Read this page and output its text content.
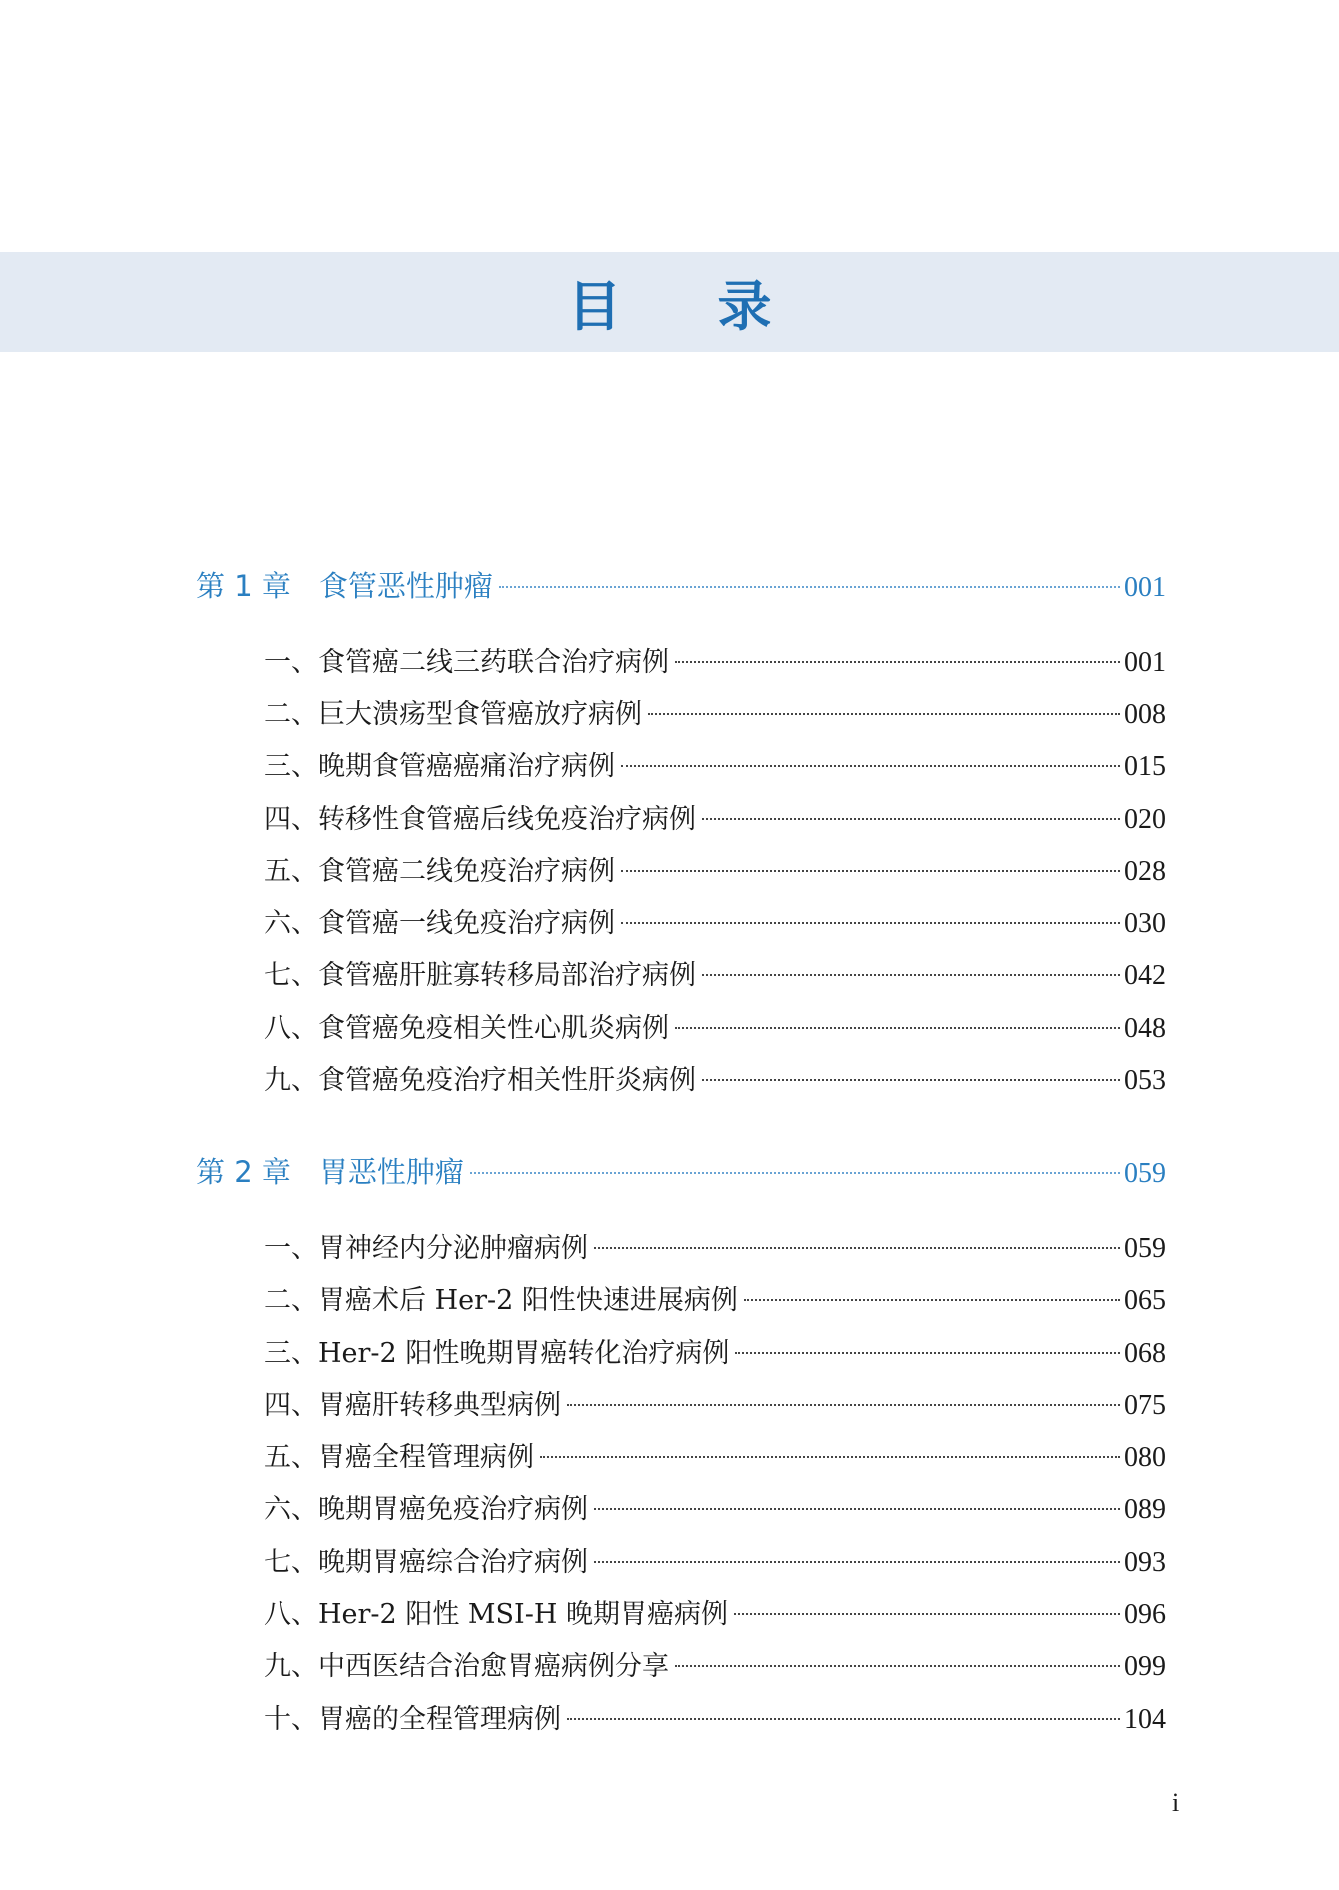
目 录
第 1 章 食管恶性肿瘤	001
一、食管癌二线三药联合治疗病例	001
二、巨大溃疡型食管癌放疗病例	008
三、晚期食管癌癌痛治疗病例	015
四、转移性食管癌后线免疫治疗病例	020
五、食管癌二线免疫治疗病例	028
六、食管癌一线免疫治疗病例	030
七、食管癌肝脏寡转移局部治疗病例	042
八、食管癌免疫相关性心肌炎病例	048
九、食管癌免疫治疗相关性肝炎病例	053
第 2 章 胃恶性肿瘤	059
一、胃神经内分泌肿瘤病例	059
二、胃癌术后 Her-2 阳性快速进展病例	065
三、Her-2 阳性晚期胃癌转化治疗病例	068
四、胃癌肝转移典型病例	075
五、胃癌全程管理病例	080
六、晚期胃癌免疫治疗病例	089
七、晚期胃癌综合治疗病例	093
八、Her-2 阳性 MSI-H 晚期胃癌病例	096
九、中西医结合治愈胃癌病例分享	099
十、胃癌的全程管理病例	104
i
